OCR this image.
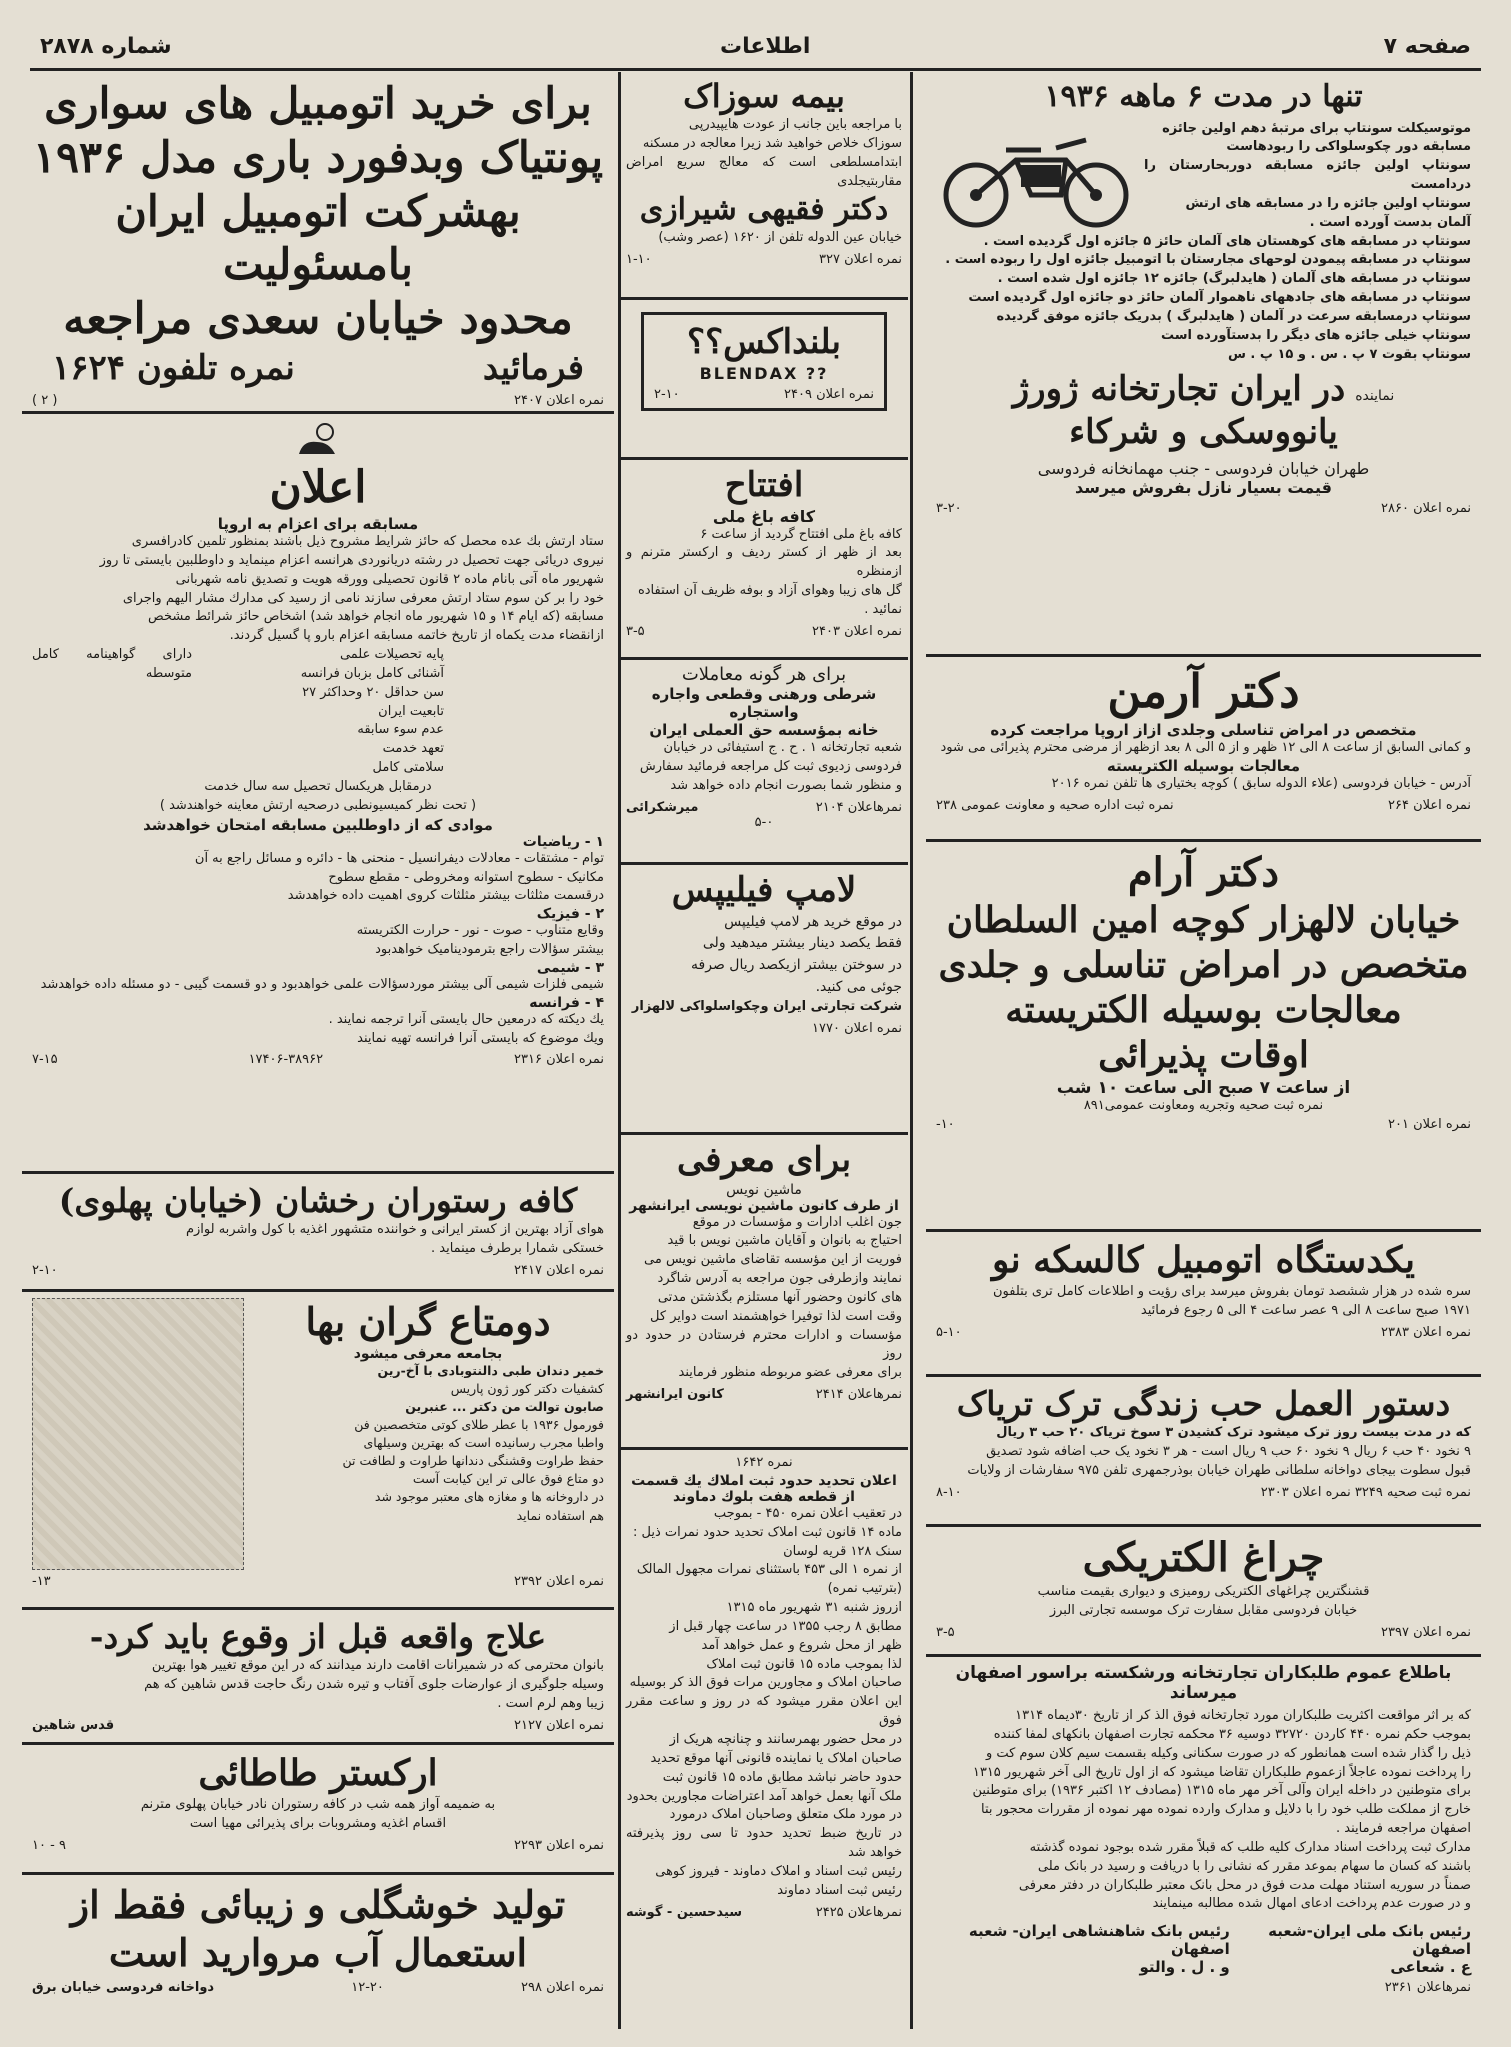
صفحه ۷
اطلاعات
شماره ۲۸۷۸
تنها در مدت ۶ ماهه ۱۹۳۶
موتوسیکلت سونتاپ برای مرتبهٔ دهم اولین جائزه
مسابقه دور چکوسلواکی را ربودهاست
سونتاپ اولین جائزه مسابقه دوربحارستان را دردامست
سونتاپ اولین جائزه را در مسابقه های ارتش
آلمان بدست آورده است .
سونتاپ در مسابقه های کوهستان های آلمان حائز ۵ جائزه اول گردیده است .
سونتاپ در مسابقه پیمودن لوحهای مجارستان با اتومبیل جائزه اول را ربوده است .
سونتاپ در مسابقه های آلمان ( هایدلبرگ) جائزه ۱۲ جائزه اول شده است .
سونتاپ در مسابقه های جادههای ناهموار آلمان حائز دو جائزه اول گردیده است
سونتاپ درمسابقه سرعت در آلمان ( هایدلبرگ ) بدریک جائزه موفق گردیده
سونتاپ خیلی جائزه های دیگر را بدستآورده است
سونتاپ بقوت ۷ پ . س . و ۱۵ پ . س
نماینده
در ایران تجارتخانه ژورژ
یانووسکی و شرکاء
طهران خیابان فردوسی - جنب مهمانخانه فردوسی
قیمت بسیار نازل بفروش میرسد
نمره اعلان ۲۸۶۰
۳-۲۰
دکتر آرمن
متخصص در امراض تناسلی وجلدی ازاز اروپا مراجعت کرده
و کمانی السابق از ساعت ۸ الی ۱۲ ظهر و از ۵ الی ۸ بعد ازظهر از مرضی محترم پذیرائی می شود
معالجات بوسیله الکتریسته
آدرس - خیابان فردوسی (علاء الدوله سابق ) کوچه بختیاری ها تلفن نمره ۲۰۱۶
نمره اعلان ۲۶۴
نمره ثبت اداره صحیه و معاونت عمومی ۲۳۸
دکتر آرام
خیابان لالهزار کوچه امین السلطان
متخصص در امراض تناسلی و جلدی
معالجات بوسیله الکتریسته
اوقات پذیرائی
از ساعت ۷ صبح الی ساعت ۱۰ شب
نمره ثبت صحیه وتجریه ومعاونت عمومی۸۹۱
نمره اعلان ۲۰۱
۱۰-
یکدستگاه اتومبیل کالسکه نو
سره شده در هزار ششصد تومان بفروش میرسد برای رؤیت و اطلاعات کامل تری بتلفون
۱۹۷۱ صبح ساعت ۸ الی ۹ عصر ساعت ۴ الی ۵ رجوع فرمائید
نمره اعلان ۲۳۸۳
۵-۱۰
دستور العمل حب زندگی ترک تریاک
که در مدت بیست روز ترک میشود ترک کشیدن ۳ سوخ تریاک ۲۰ حب ۳ ریال
۹ نخود ۴۰ حب ۶ ریال ۹ نخود ۶۰ حب ۹ ریال است - هر ۳ نخود یک حب اضافه شود تصدیق
قبول سطوت بیجای دواخانه سلطانی طهران خیابان بوذرجمهری تلفن ۹۷۵ سفارشات از ولایات
نمره ثبت صحیه ۳۲۴۹ نمره اعلان ۲۳۰۳
۸-۱۰
چراغ الکتریکی
قشنگترین چراغهای الکتریکی رومیزی و دیواری بقیمت مناسب
خیابان فردوسی مقابل سفارت ترک موسسه تجارتی البرز
نمره اعلان ۲۳۹۷
۳-۵
باطلاع عموم طلبکاران تجارتخانه ورشکسته براسور اصفهان میرساند
که بر اثر مواقعت اکثریت طلبکاران مورد تجارتخانه فوق الذ کر از تاریخ ۳۰دیماه ۱۳۱۴
بموجب حکم نمره ۴۴۰ کاردن ۳۲۷۲۰ دوسیه ۳۶ محکمه تجارت اصفهان بانکهای لمفا کننده
ذیل را گذار شده است همانطور که در صورت سکنانی وکیله بقسمت سیم کلان سوم کت و
را پرداخت نموده عاجلاً ازعموم طلبکاران تقاضا میشود که از اول تاریخ الی آخر شهریور ۱۳۱۵
برای متوطنین در داخله ایران وآلی آخر مهر ماه ۱۳۱۵ (مصادف ۱۲ اکتبر ۱۹۳۶) برای متوطنین
خارج از مملکت طلب خود را با دلایل و مدارک وارده نموده مهر نموده از مقررات محجور بتا
اصفهان مراجعه فرمایند .
مدارک ثبت پرداخت اسناد مدارک کلیه طلب که قبلاً مقرر شده بوجود نموده گذشته
باشند که کسان ما سهام بموعد مقرر که نشانی را با دریافت و رسید در بانک ملی
صمناً در سوریه استناد مهلت مدت فوق در محل بانک معتبر طلبکاران در دفتر معرفی
و در صورت عدم پرداخت ادعای امهال شده مطالبه مینمایند
رئیس بانک ملی ایران-شعبه اصفهان
ع . شعاعی
رئیس بانک شاهنشاهی ایران- شعبه اصفهان
و . ل . والتو
نمرهاعلان ۲۳۶۱
بیمه سوزاک
با مراجعه باین جانب از عودت هایپیدرپی
سوزاک خلاص خواهید شد زیرا معالجه در مسکنه
ابتدامسلطعی است که معالج سریع امراض مقاربتیجلدی
دکتر فقیهی شیرازی
خیابان عین الدوله تلفن از ۱۶۲۰ (عصر وشب)
نمره اعلان ۳۲۷
۱-۱۰
بلنداکس؟؟
BLENDAX ??
نمره اعلان ۲۴۰۹
۲-۱۰
افتتاح
کافه باغ ملی
کافه باغ ملی افتتاح گردید از ساعت ۶
بعد از ظهر از کستر ردیف و ارکستر مترنم و ازمنظره
گل های زیبا وهوای آزاد و بوفه ظریف آن استفاده
نمائید .
نمره اعلان ۲۴۰۳
۳-۵
برای هر گونه معاملات
شرطی ورهنی وقطعی واجاره واستجاره
خانه بمؤسسه حق العملی ایران
شعبه تجارتخانه ۱ . ح . ج استیفائی در خیابان
فردوسی زدیوی ثبت کل مراجعه فرمائید سفارش
و منظور شما بصورت انجام داده خواهد شد
نمرهاعلان ۲۱۰۴
میرشکرائی
۵-۰
لامپ فیلیپس
در موقع خرید هر لامپ فیلیپس
فقط یکصد دینار بیشتر میدهید ولی
در سوختن بیشتر ازیکصد ریال صرفه
جوئی می کنید.
شرکت تجارتی ایران وچکواسلواکی لالهزار
نمره اعلان ۱۷۷۰
برای معرفی
ماشین نویس
از طرف کانون ماشین نویسی ایرانشهر
جون اغلب ادارات و مؤسسات در موقع
احتیاج به بانوان و آقایان ماشین نویس با قید
فوریت از این مؤسسه تقاضای ماشین نویس می
نمایند وازطرفی جون مراجعه به آدرس شاگرد
های کانون وحضور آنها مستلزم بگذشتن مدتی
وقت است لذا توفیرا خواهشمند است دوایر کل
مؤسسات و ادارات محترم فرستادن در حدود دو روز
برای معرفی عضو مربوطه منظور فرمایند
نمرهاعلان ۲۴۱۴
کانون ایرانشهر
نمره ۱۶۴۲
اعلان تحدید حدود ثبت املاك یك قسمت
از قطعه هفت بلوك دماوند
در تعقیب اعلان نمره ۴۵۰ - بموجب
ماده ۱۴ قانون ثبت املاک تحدید حدود نمرات ذیل :
سنک ۱۲۸ قریه لوسان
از نمره ۱ الی ۴۵۳ باستثنای نمرات مجهول المالک
(بترتیب نمره)
ازروز شنبه ۳۱ شهریور ماه ۱۳۱۵
مطابق ۸ رجب ۱۳۵۵ در ساعت چهار قبل از
ظهر از محل شروع و عمل خواهد آمد
لذا بموجب ماده ۱۵ قانون ثبت املاک
صاحبان املاک و مجاورین مرات فوق الذ کر بوسیله
این اعلان مقرر میشود که در روز و ساعت مقرر فوق
در محل حضور بهمرسانند و چنانچه هریک از
صاحبان املاک یا نماینده قانونی آنها موقع تحدید
حدود حاضر نباشد مطابق ماده ۱۵ قانون ثبت
ملک آنها بعمل خواهد آمد اعتراضات مجاورین بحدود
در مورد ملک متعلق وصاحبان املاک درمورد
در تاریخ ضبط تحدید حدود تا سی روز پذیرفته خواهد شد
رئیس ثبت اسناد و املاک دماوند - فیروز کوهی
رئیس ثبت اسناد دماوند
نمرهاعلان ۲۴۲۵
سیدحسین - گوشه
برای خرید اتومبیل های سواری
پونتیاک وبدفورد باری مدل ۱۹۳۶
بهشرکت اتومبیل ایران بامسئولیت
محدود خیابان سعدی مراجعه
فرمائید
نمره تلفون ۱۶۲۴
نمره اعلان ۲۴۰۷
( ۲ )
اعلان
مسابقه برای اعزام به اروپا
ستاد ارتش بك عده محصل که حائز شرایط مشروح ذیل باشند بمنظور تلمین کادرافسری
نیروی دریائی جهت تحصیل در رشته دریانوردی هرانسه اعزام مینماید و داوطلبین بایستی تا روز
شهریور ماه آتی بانام ماده ۲ قانون تحصیلی وورقه هویت و تصدیق نامه شهربانی
خود را بر کن سوم ستاد ارتش معرفی سازند نامی از رسید کی مدارك مشار الیهم واجرای
مسابقه (که ایام ۱۴ و ۱۵ شهریور ماه انجام خواهد شد) اشخاص حائز شرائط مشخص
ازانقضاء مدت یکماه از تاریخ خاتمه مسابقه اعزام بارو پا گسیل گردند.
پایه تحصیلات علمی
آشنائی کامل بزبان فرانسه
سن حداقل ۲۰ وحداکثر ۲۷
تابعیت ایران
عدم سوء سابقه
تعهد خدمت
سلامتی کامل
دارای گواهینامه کامل متوسطه
درمقابل هریکسال تحصیل سه سال خدمت
( تحت نظر کمیسیونطبی درصحیه ارتش معاینه خواهندشد )
موادی که از داوطلبین مسابقه امتحان خواهدشد
۱ - ریاضیات
توام - مشتقات - معادلات دیفرانسیل - منحنی ها - دائره و مسائل راجع به آن
مکانیک - سطوح استوانه ومخروطی - مقطع سطوح
درقسمت مثلثات بیشتر مثلثات کروی اهمیت داده خواهدشد
۲ - فیزیک
وقایع متناوب - صوت - نور - حرارت الکتریسته
بیشتر سؤالات راجع بترمودینامیک خواهدبود
۳ - شیمی
شیمی فلزات شیمی آلی بیشتر موردسؤالات علمی خواهدبود و دو قسمت گیبی - دو مسئله داده خواهدشد
۴ - فرانسه
یك دیکته که درمعین حال بایستی آنرا ترجمه نمایند .
ویك موضوع که بایستی آنرا فرانسه تهیه نمایند
نمره اعلان ۲۳۱۶
۱۷۴۰۶-۳۸۹۶۲
۷-۱۵
کافه رستوران رخشان (خیابان پهلوی)
هوای آزاد بهترین از کستر ایرانی و خواننده متشهور اغذیه با کول واشربه لوازم
خستکی شمارا برطرف مینماید .
نمره اعلان ۲۴۱۷
۲-۱۰
دومتاع گران بها
بجامعه معرفی میشود
خمیر دندان طبی دالنتوبادی با آخ-رین
کشفیات دکتر کور ژون پاریس
صابون توالت من دکتر ... عنبرین
فورمول ۱۹۳۶ با عطر طلای کوتی متخصصین فن
واطبا مجرب رسانیده است که بهترین وسیلهای
حفظ طراوت وقشنگی دندانها طراوت و لطافت تن
دو متاع فوق عالی تر این کیابت آست
در داروخانه ها و مغازه های معتبر موجود شد
هم استفاده نماید
نمره اعلان ۲۳۹۲
۱۳-
علاج واقعه قبل از وقوع باید کرد-
بانوان محترمی که در شمیرانات اقامت دارند میدانند که در این موقع تغییر هوا بهترین
وسیله جلوگیری از عوارضات جلوی آفتاب و تیره شدن رنگ حاجت قدس شاهین که هم
زیبا وهم لرم است .
نمره اعلان ۲۱۲۷
قدس شاهین
ارکستر طاطائی
به ضمیمه آواز همه شب در کافه رستوران نادر خیابان پهلوی مترنم
اقسام اغذیه ومشروبات برای پذیرائی مهیا است
نمره اعلان ۲۲۹۳
۹ - ۱۰
تولید خوشگلی و زیبائی فقط از
استعمال آب مروارید است
نمره اعلان ۲۹۸
۱۲-۲۰
دواخانه فردوسی خیابان برق
